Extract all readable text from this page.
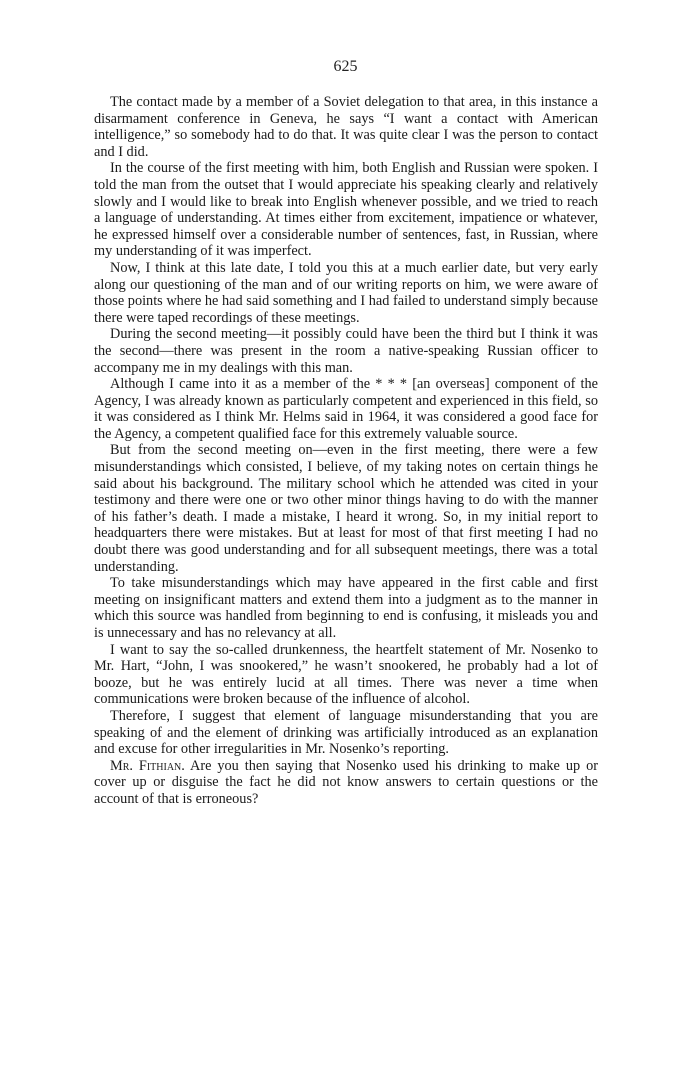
625

The contact made by a member of a Soviet delegation to that area, in this instance a disarmament conference in Geneva, he says “I want a contact with American intelligence,” so somebody had to do that. It was quite clear I was the person to contact and I did.

In the course of the first meeting with him, both English and Russian were spoken. I told the man from the outset that I would appreciate his speaking clearly and relatively slowly and I would like to break into English whenever possible, and we tried to reach a language of understanding. At times either from excitement, impatience or whatever, he expressed himself over a considerable number of sentences, fast, in Russian, where my understanding of it was imperfect.

Now, I think at this late date, I told you this at a much earlier date, but very early along our questioning of the man and of our writing reports on him, we were aware of those points where he had said something and I had failed to understand simply because there were taped recordings of these meetings.

During the second meeting—it possibly could have been the third but I think it was the second—there was present in the room a native-speaking Russian officer to accompany me in my dealings with this man.

Although I came into it as a member of the * * * [an overseas] component of the Agency, I was already known as particularly competent and experienced in this field, so it was considered as I think Mr. Helms said in 1964, it was considered a good face for the Agency, a competent qualified face for this extremely valuable source.

But from the second meeting on—even in the first meeting, there were a few misunderstandings which consisted, I believe, of my taking notes on certain things he said about his background. The military school which he attended was cited in your testimony and there were one or two other minor things having to do with the manner of his father’s death. I made a mistake, I heard it wrong. So, in my initial report to headquarters there were mistakes. But at least for most of that first meeting I had no doubt there was good understanding and for all subsequent meetings, there was a total understanding.

To take misunderstandings which may have appeared in the first cable and first meeting on insignificant matters and extend them into a judgment as to the manner in which this source was handled from beginning to end is confusing, it misleads you and is unnecessary and has no relevancy at all.

I want to say the so-called drunkenness, the heartfelt statement of Mr. Nosenko to Mr. Hart, “John, I was snookered,” he wasn’t snookered, he probably had a lot of booze, but he was entirely lucid at all times. There was never a time when communications were broken because of the influence of alcohol.

Therefore, I suggest that element of language misunderstanding that you are speaking of and the element of drinking was artificially introduced as an explanation and excuse for other irregularities in Mr. Nosenko’s reporting.

Mr. Fithian. Are you then saying that Nosenko used his drinking to make up or cover up or disguise the fact he did not know answers to certain questions or the account of that is erroneous?
